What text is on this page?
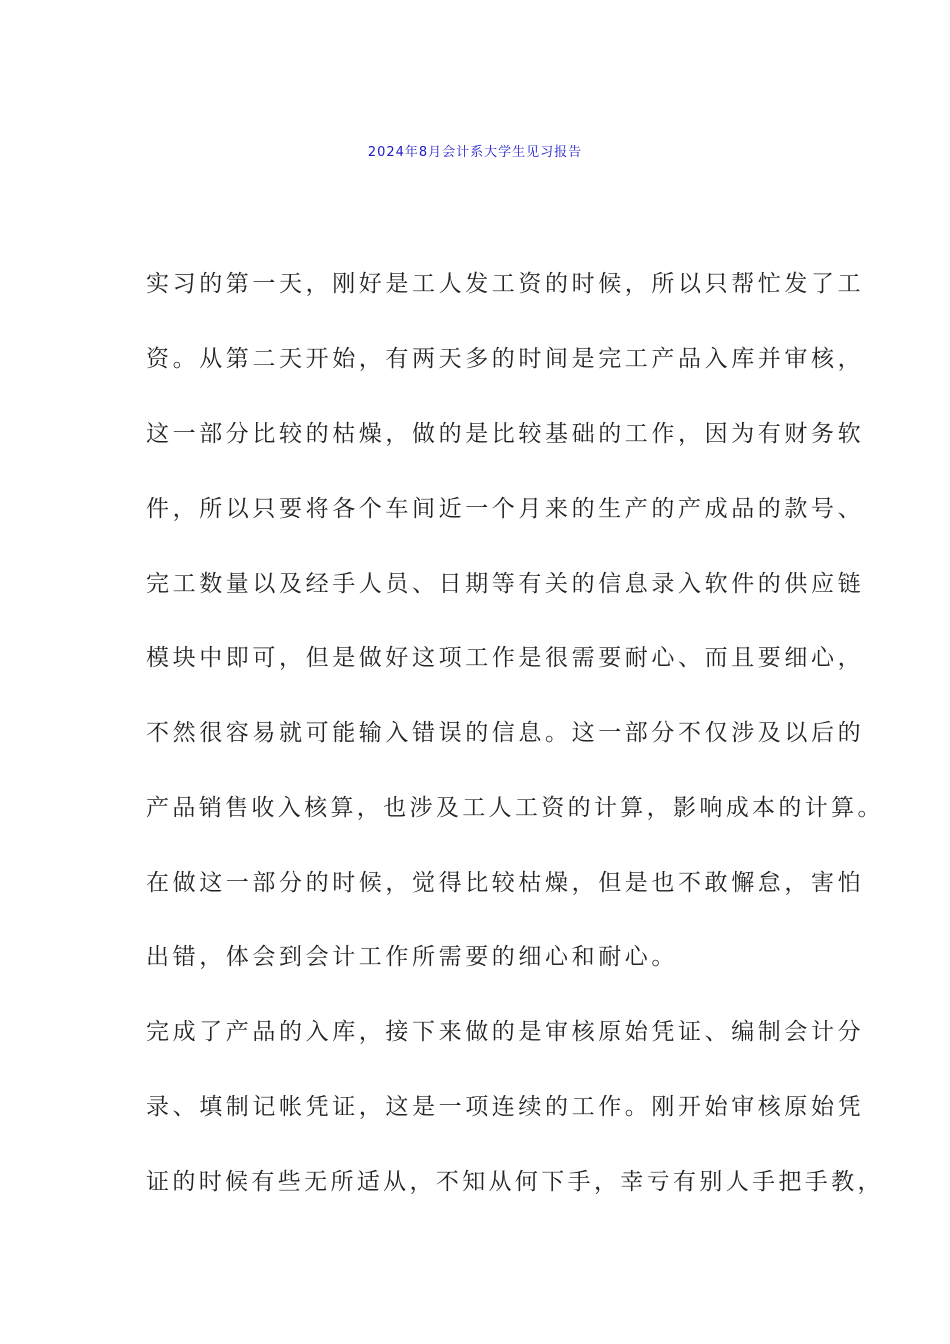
2024年8月会计系大学生见习报告
实习的第一天，刚好是工人发工资的时候，所以只帮忙发了工
资。从第二天开始，有两天多的时间是完工产品入库并审核，
这一部分比较的枯燥，做的是比较基础的工作，因为有财务软
件，所以只要将各个车间近一个月来的生产的产成品的款号、
完工数量以及经手人员、日期等有关的信息录入软件的供应链
模块中即可，但是做好这项工作是很需要耐心、而且要细心，
不然很容易就可能输入错误的信息。这一部分不仅涉及以后的
产品销售收入核算，也涉及工人工资的计算，影响成本的计算。
在做这一部分的时候，觉得比较枯燥，但是也不敢懈怠，害怕
出错，体会到会计工作所需要的细心和耐心。
完成了产品的入库，接下来做的是审核原始凭证、编制会计分
录、填制记帐凭证，这是一项连续的工作。刚开始审核原始凭
证的时候有些无所适从，不知从何下手，幸亏有别人手把手教，
